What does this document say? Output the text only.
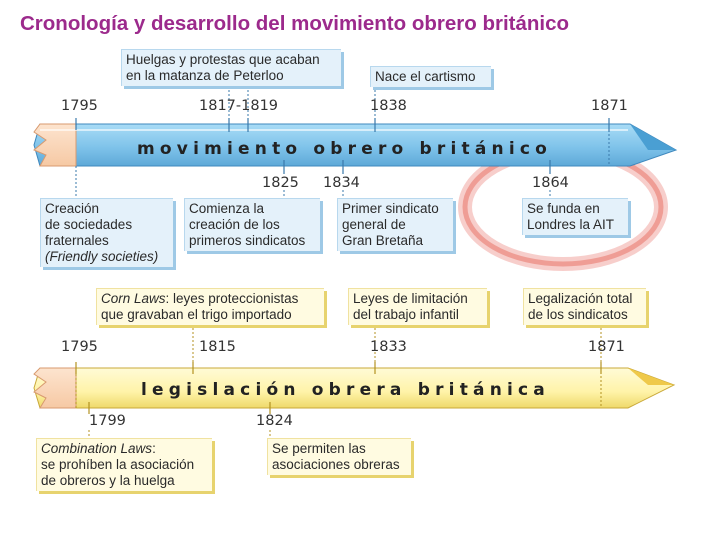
Cronología y desarrollo del movimiento obrero británico
movimiento obrero británico
legislación obrera británica
1795	1817-1819	1838	1871
1825 1834	1864
1795	1815	1833	1871
1799	1824
Huelgas y protestas que acaban
en la matanza de Peterloo	Nace el cartismo
Creación
de sociedades
fraternales
(Friendly societies)
Comienza la
creación de los
primeros sindicatos
Primer sindicato
general de
Gran Bretaña
Se funda en
Londres la AIT
Corn Laws: leyes proteccionistas
que gravaban el trigo importado
Leyes de limitación
del trabajo infantil
Legalización total
de los sindicatos
Combination Laws:
se prohíben la asociación
de obreros y la huelga
Se permiten las
asociaciones obreras
